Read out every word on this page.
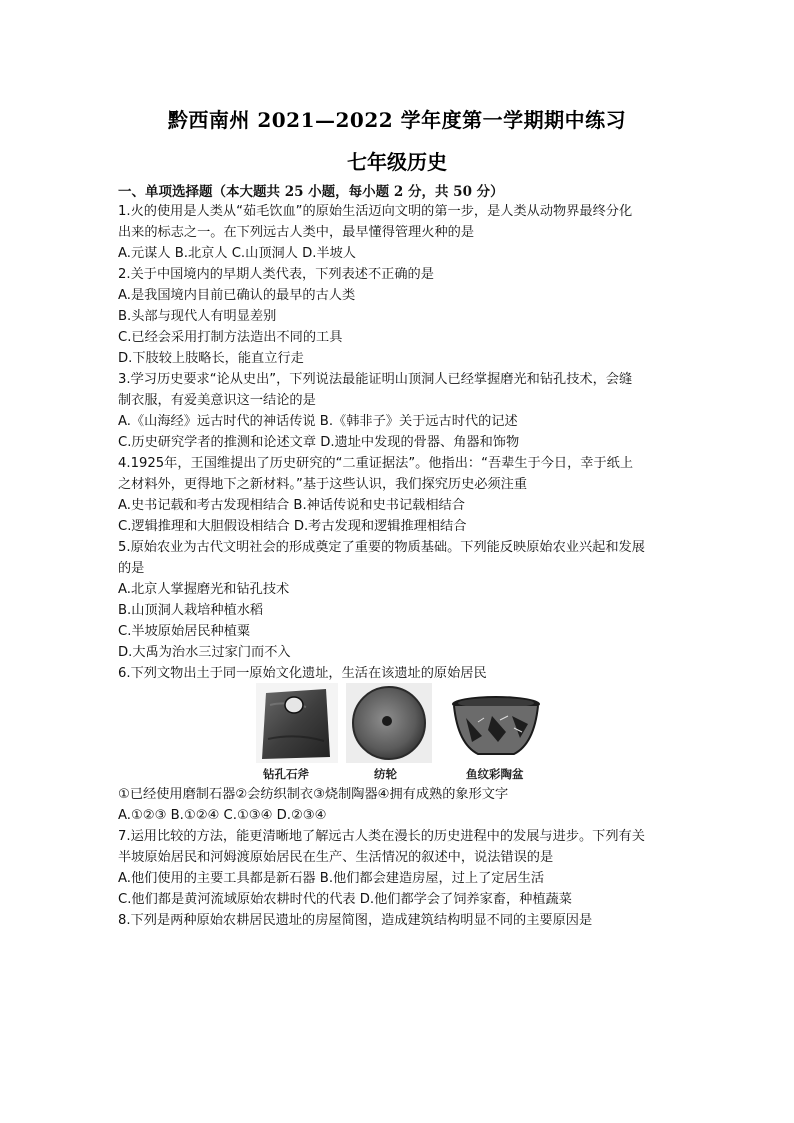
黔西南州 2021—2022 学年度第一学期期中练习
七年级历史
一、单项选择题（本大题共 25 小题，每小题 2 分，共 50 分）
1.火的使用是人类从“茹毛饮血”的原始生活迈向文明的第一步，是人类从动物界最终分化
出来的标志之一。在下列远古人类中，最早懂得管理火种的是
A.元谋人 B.北京人 C.山顶洞人 D.半坡人
2.关于中国境内的早期人类代表，下列表述不正确的是
A.是我国境内目前已确认的最早的古人类
B.头部与现代人有明显差别
C.已经会采用打制方法造出不同的工具
D.下肢较上肢略长，能直立行走
3.学习历史要求“论从史出”，下列说法最能证明山顶洞人已经掌握磨光和钻孔技术，会缝
制衣服，有爱美意识这一结论的是
A.《山海经》远古时代的神话传说 B.《韩非子》关于远古时代的记述
C.历史研究学者的推测和论述文章 D.遗址中发现的骨器、角器和饰物
4.1925年，王国维提出了历史研究的“二重证据法”。他指出：“吾辈生于今日，幸于纸上
之材料外，更得地下之新材料。”基于这些认识，我们探究历史必须注重
A.史书记载和考古发现相结合 B.神话传说和史书记载相结合
C.逻辑推理和大胆假设相结合 D.考古发现和逻辑推理相结合
5.原始农业为古代文明社会的形成奠定了重要的物质基础。下列能反映原始农业兴起和发展
的是
A.北京人掌握磨光和钻孔技术
B.山顶洞人栽培种植水稻
C.半坡原始居民种植粟
D.大禹为治水三过家门而不入
6.下列文物出土于同一原始文化遗址，生活在该遗址的原始居民
钻孔石斧	纺轮	鱼纹彩陶盆
①已经使用磨制石器②会纺织制衣③烧制陶器④拥有成熟的象形文字
A.①②③ B.①②④ C.①③④ D.②③④
7.运用比较的方法，能更清晰地了解远古人类在漫长的历史进程中的发展与进步。下列有关
半坡原始居民和河姆渡原始居民在生产、生活情况的叙述中，说法错误的是
A.他们使用的主要工具都是新石器 B.他们都会建造房屋，过上了定居生活
C.他们都是黄河流域原始农耕时代的代表 D.他们都学会了饲养家畜，种植蔬菜
8.下列是两种原始农耕居民遗址的房屋简图，造成建筑结构明显不同的主要原因是
